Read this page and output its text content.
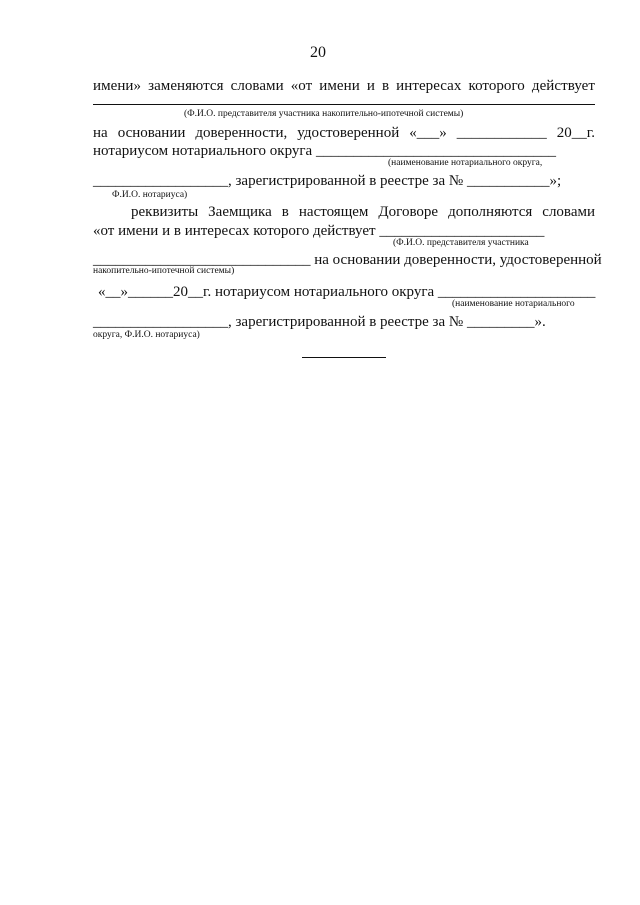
20
имени» заменяются словами «от имени и в интересах которого действует
(Ф.И.О. представителя участника накопительно-ипотечной системы)
на основании доверенности, удостоверенной «___» ____________ 20__г.
нотариусом нотариального округа ________________________________
(наименование нотариального округа,
__________________, зарегистрированной в реестре за № ___________»;
Ф.И.О. нотариуса)
реквизиты Заемщика в настоящем Договоре дополняются словами
«от имени и в интересах которого действует ______________________
(Ф.И.О. представителя участника
_____________________________ на основании доверенности, удостоверенной
накопительно-ипотечной системы)
«__»______20__г. нотариусом нотариального округа _____________________
(наименование нотариального
__________________, зарегистрированной в реестре за № _________».
округа, Ф.И.О. нотариуса)
